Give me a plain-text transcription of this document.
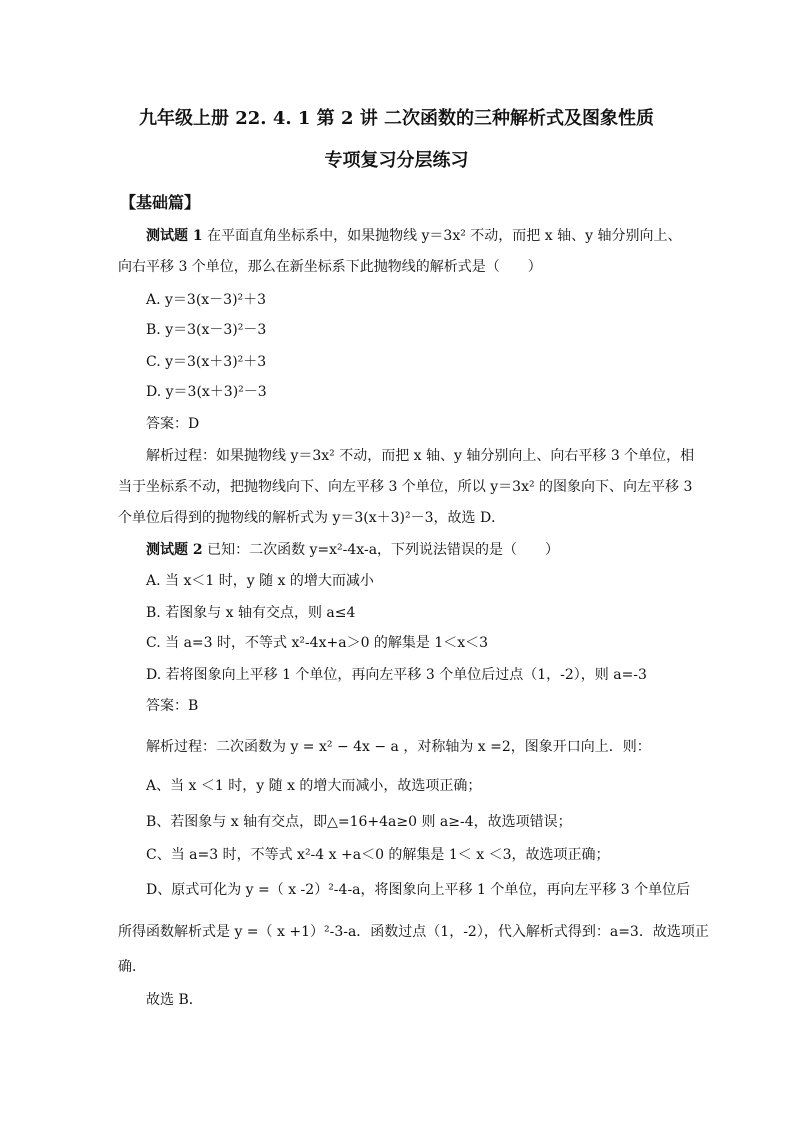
九年级上册 22. 4. 1 第 2 讲 二次函数的三种解析式及图象性质
专项复习分层练习
【基础篇】
测试题 1 在平面直角坐标系中，如果抛物线 y＝3x² 不动，而把 x 轴、y 轴分别向上、
向右平移 3 个单位，那么在新坐标系下此抛物线的解析式是（　　）
A. y＝3(x－3)²＋3
B. y＝3(x－3)²－3
C. y＝3(x＋3)²＋3
D. y＝3(x＋3)²－3
答案：D
解析过程：如果抛物线 y＝3x² 不动，而把 x 轴、y 轴分别向上、向右平移 3 个单位，相
当于坐标系不动，把抛物线向下、向左平移 3 个单位，所以 y＝3x² 的图象向下、向左平移 3
个单位后得到的抛物线的解析式为 y＝3(x＋3)²－3，故选 D．
测试题 2 已知：二次函数 y=x²-4x-a，下列说法错误的是（　　）
A. 当 x＜1 时，y 随 x 的增大而减小
B. 若图象与 x 轴有交点，则 a≤4
C. 当 a=3 时，不等式 x²-4x+a＞0 的解集是 1＜x＜3
D. 若将图象向上平移 1 个单位，再向左平移 3 个单位后过点（1，-2），则 a=-3
答案：B
解析过程：二次函数为 y = x² − 4x − a ，对称轴为 x =2，图象开口向上．则：
A、当 x ＜1 时，y 随 x 的增大而减小，故选项正确；
B、若图象与 x 轴有交点，即△=16+4a≥0 则 a≥-4，故选项错误；
C、当 a=3 时，不等式 x²-4 x +a＜0 的解集是 1＜ x ＜3，故选项正确；
D、原式可化为 y =（ x -2）²-4-a，将图象向上平移 1 个单位，再向左平移 3 个单位后
所得函数解析式是 y =（ x +1）²-3-a．函数过点（1，-2），代入解析式得到：a=3．故选项正
确．
故选 B．
